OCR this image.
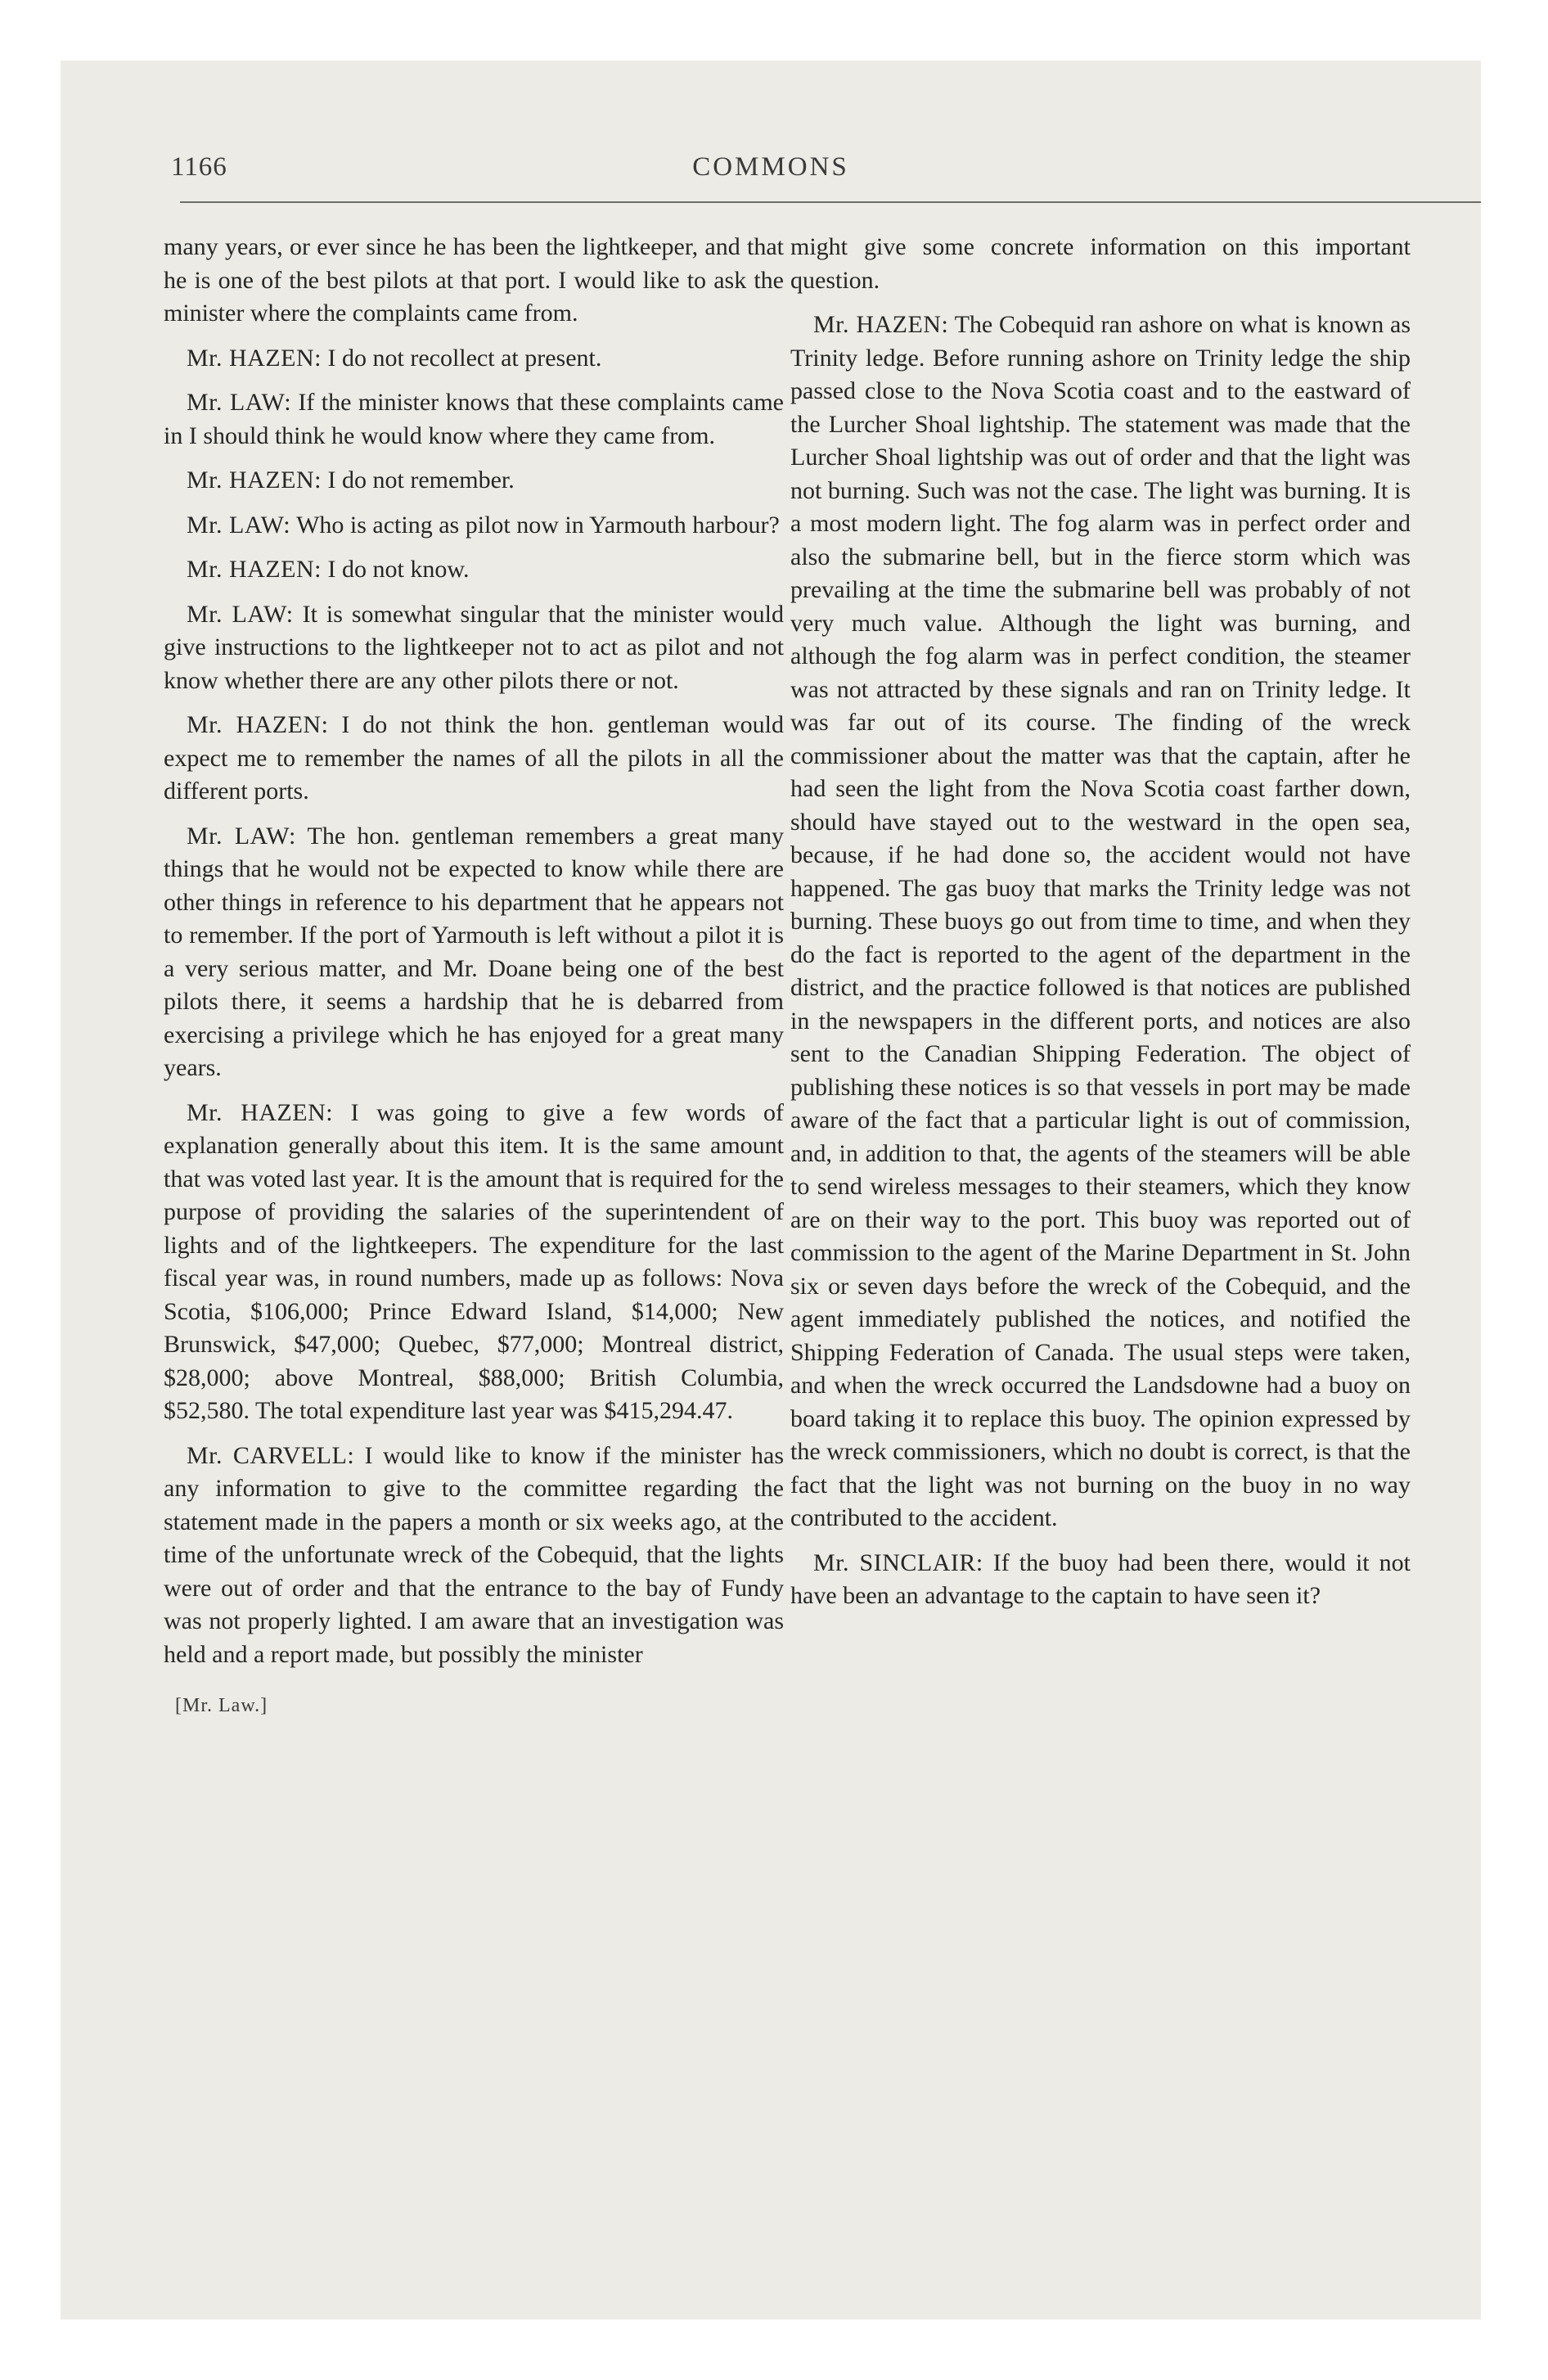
1166	COMMONS

many years, or ever since he has been the lightkeeper, and that he is one of the best pilots at that port. I would like to ask the minister where the complaints came from.

Mr. HAZEN: I do not recollect at present.

Mr. LAW: If the minister knows that these complaints came in I should think he would know where they came from.

Mr. HAZEN: I do not remember.

Mr. LAW: Who is acting as pilot now in Yarmouth harbour?

Mr. HAZEN: I do not know.

Mr. LAW: It is somewhat singular that the minister would give instructions to the lightkeeper not to act as pilot and not know whether there are any other pilots there or not.

Mr. HAZEN: I do not think the hon. gentleman would expect me to remember the names of all the pilots in all the different ports.

Mr. LAW: The hon. gentleman remembers a great many things that he would not be expected to know while there are other things in reference to his department that he appears not to remember. If the port of Yarmouth is left without a pilot it is a very serious matter, and Mr. Doane being one of the best pilots there, it seems a hardship that he is debarred from exercising a privilege which he has enjoyed for a great many years.

Mr. HAZEN: I was going to give a few words of explanation generally about this item. It is the same amount that was voted last year. It is the amount that is required for the purpose of providing the salaries of the superintendent of lights and of the lightkeepers. The expenditure for the last fiscal year was, in round numbers, made up as follows: Nova Scotia, $106,000; Prince Edward Island, $14,000; New Brunswick, $47,000; Quebec, $77,000; Montreal district, $28,000; above Montreal, $88,000; British Columbia, $52,580. The total expenditure last year was $415,294.47.

Mr. CARVELL: I would like to know if the minister has any information to give to the committee regarding the statement made in the papers a month or six weeks ago, at the time of the unfortunate wreck of the Cobequid, that the lights were out of order and that the entrance to the bay of Fundy was not properly lighted. I am aware that an investigation was held and a report made, but possibly the minister

[Mr. Law.]

might give some concrete information on this important question.

Mr. HAZEN: The Cobequid ran ashore on what is known as Trinity ledge. Before running ashore on Trinity ledge the ship passed close to the Nova Scotia coast and to the eastward of the Lurcher Shoal lightship. The statement was made that the Lurcher Shoal lightship was out of order and that the light was not burning. Such was not the case. The light was burning. It is a most modern light. The fog alarm was in perfect order and also the submarine bell, but in the fierce storm which was prevailing at the time the submarine bell was probably of not very much value. Although the light was burning, and although the fog alarm was in perfect condition, the steamer was not attracted by these signals and ran on Trinity ledge. It was far out of its course. The finding of the wreck commissioner about the matter was that the captain, after he had seen the light from the Nova Scotia coast farther down, should have stayed out to the westward in the open sea, because, if he had done so, the accident would not have happened. The gas buoy that marks the Trinity ledge was not burning. These buoys go out from time to time, and when they do the fact is reported to the agent of the department in the district, and the practice followed is that notices are published in the newspapers in the different ports, and notices are also sent to the Canadian Shipping Federation. The object of publishing these notices is so that vessels in port may be made aware of the fact that a particular light is out of commission, and, in addition to that, the agents of the steamers will be able to send wireless messages to their steamers, which they know are on their way to the port. This buoy was reported out of commission to the agent of the Marine Department in St. John six or seven days before the wreck of the Cobequid, and the agent immediately published the notices, and notified the Shipping Federation of Canada. The usual steps were taken, and when the wreck occurred the Landsdowne had a buoy on board taking it to replace this buoy. The opinion expressed by the wreck commissioners, which no doubt is correct, is that the fact that the light was not burning on the buoy in no way contributed to the accident.

Mr. SINCLAIR: If the buoy had been there, would it not have been an advantage to the captain to have seen it?
